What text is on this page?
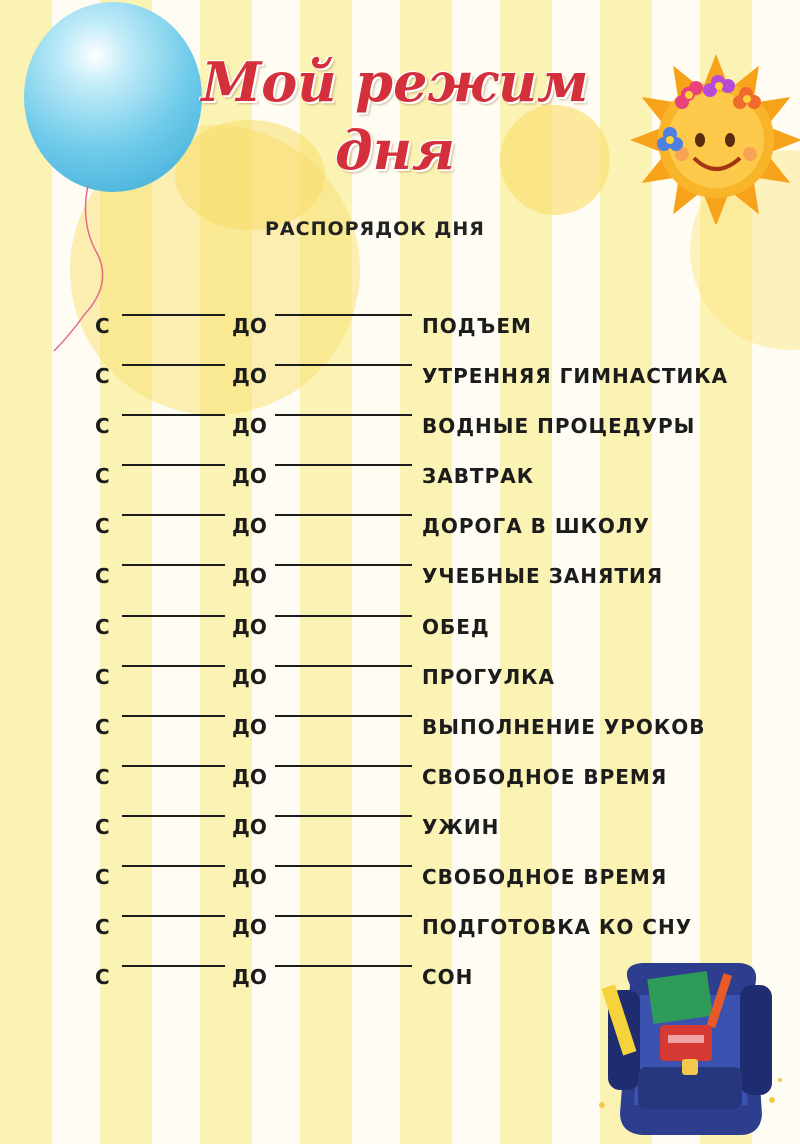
Мой режим
дня
РАСПОРЯДОК ДНЯ
С	ДО	ПОДЪЕМ
С	ДО	УТРЕННЯЯ ГИМНАСТИКА
С	ДО	ВОДНЫЕ ПРОЦЕДУРЫ
С	ДО	ЗАВТРАК
С	ДО	ДОРОГА В ШКОЛУ
С	ДО	УЧЕБНЫЕ ЗАНЯТИЯ
С	ДО	ОБЕД
С	ДО	ПРОГУЛКА
С	ДО	ВЫПОЛНЕНИЕ УРОКОВ
С	ДО	СВОБОДНОЕ ВРЕМЯ
С	ДО	УЖИН
С	ДО	СВОБОДНОЕ ВРЕМЯ
С	ДО	ПОДГОТОВКА КО СНУ
С	ДО	СОН
